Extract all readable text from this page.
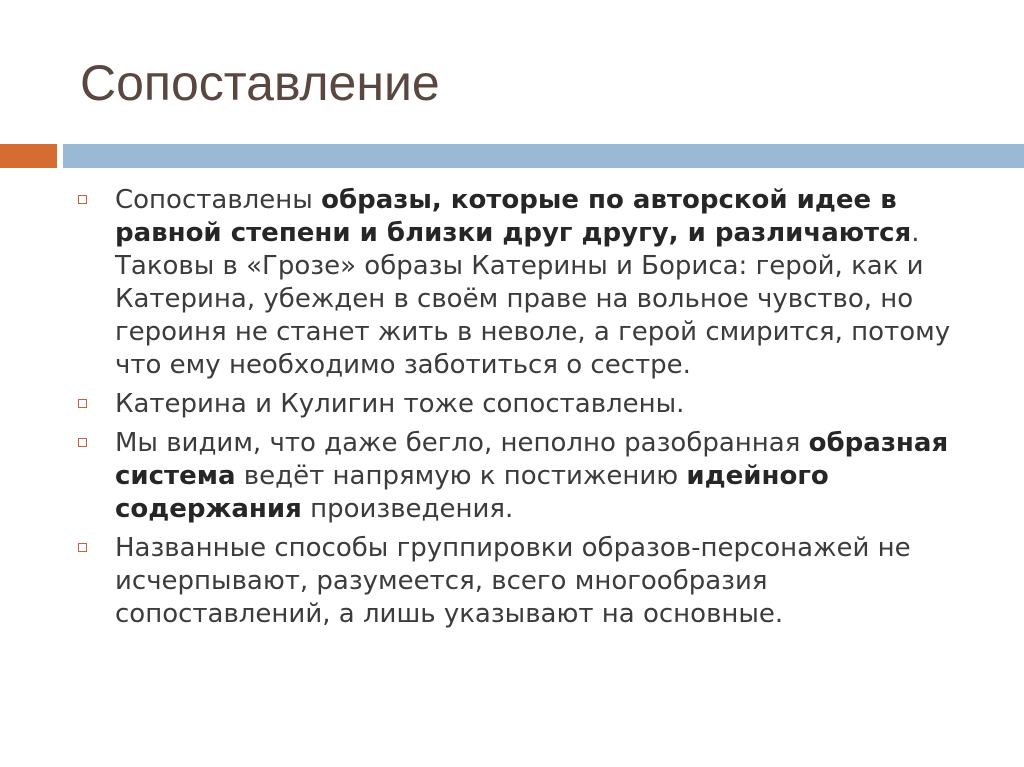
Сопоставление
Сопоставлены образы, которые по авторской идее в равной степени и близки друг другу, и различаются. Таковы в «Грозе» образы Катерины и Бориса: герой, как и Катерина, убежден в своём праве на вольное чувство, но героиня не станет жить в неволе, а герой смирится, потому что ему необходимо заботиться о сестре.
Катерина и Кулигин тоже сопоставлены.
Мы видим, что даже бегло, неполно разобранная образная система ведёт напрямую к постижению идейного содержания произведения.
Названные способы группировки образов-персонажей не исчерпывают, разумеется, всего многообразия сопоставлений, а лишь указывают на основные.
